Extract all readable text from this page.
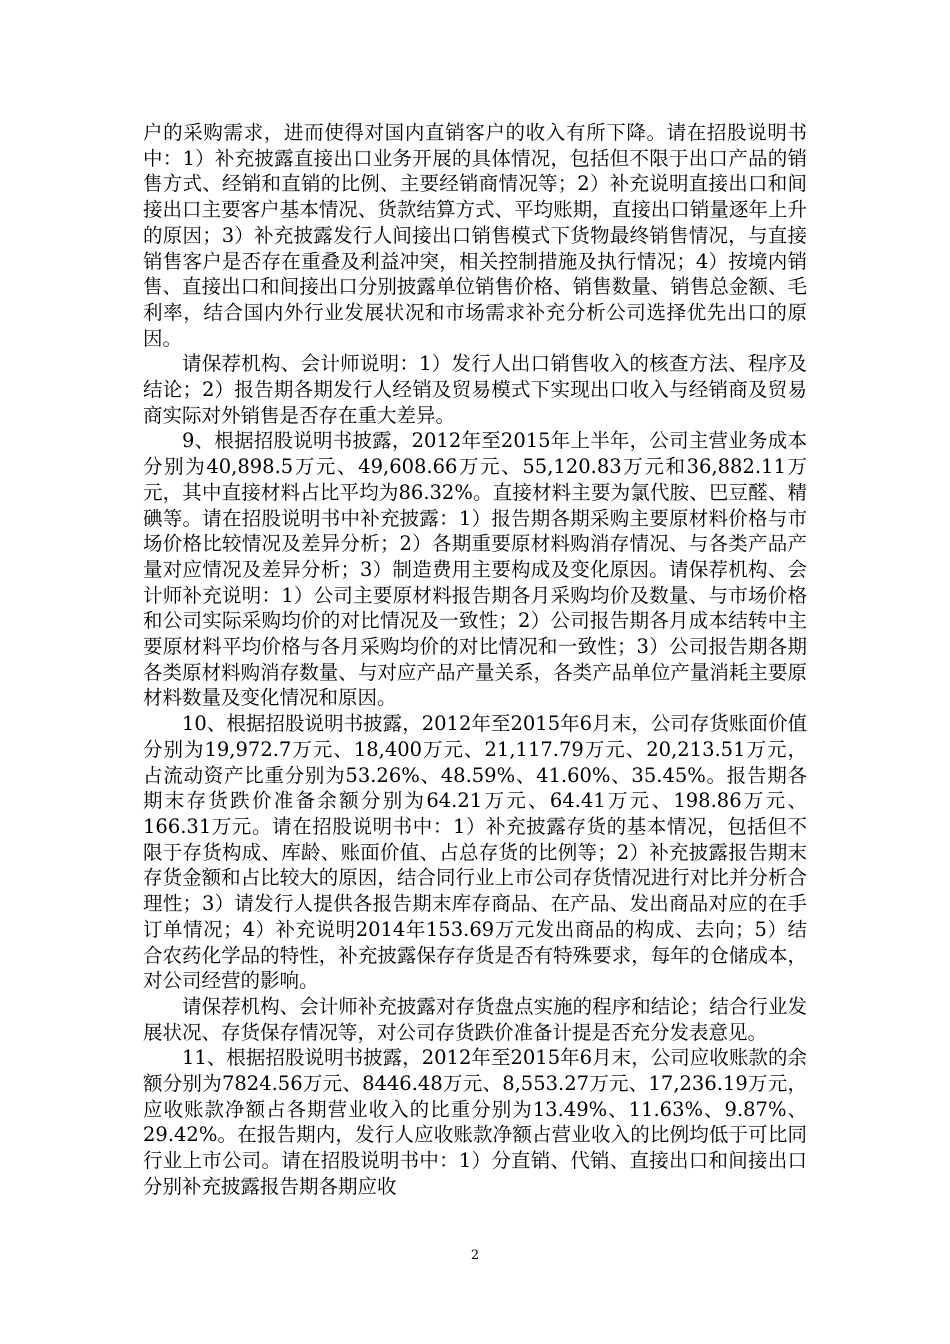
户的采购需求，进而使得对国内直销客户的收入有所下降。请在招股说明书中：1）补充披露直接出口业务开展的具体情况，包括但不限于出口产品的销售方式、经销和直销的比例、主要经销商情况等；2）补充说明直接出口和间接出口主要客户基本情况、货款结算方式、平均账期，直接出口销量逐年上升的原因；3）补充披露发行人间接出口销售模式下货物最终销售情况，与直接销售客户是否存在重叠及利益冲突，相关控制措施及执行情况；4）按境内销售、直接出口和间接出口分别披露单位销售价格、销售数量、销售总金额、毛利率，结合国内外行业发展状况和市场需求补充分析公司选择优先出口的原因。

请保荐机构、会计师说明：1）发行人出口销售收入的核查方法、程序及结论；2）报告期各期发行人经销及贸易模式下实现出口收入与经销商及贸易商实际对外销售是否存在重大差异。

9、根据招股说明书披露，2012年至2015年上半年，公司主营业务成本分别为40,898.5万元、49,608.66万元、55,120.83万元和36,882.11万元，其中直接材料占比平均为86.32%。直接材料主要为氯代胺、巴豆醛、精碘等。请在招股说明书中补充披露：1）报告期各期采购主要原材料价格与市场价格比较情况及差异分析；2）各期重要原材料购消存情况、与各类产品产量对应情况及差异分析；3）制造费用主要构成及变化原因。请保荐机构、会计师补充说明：1）公司主要原材料报告期各月采购均价及数量、与市场价格和公司实际采购均价的对比情况及一致性；2）公司报告期各月成本结转中主要原材料平均价格与各月采购均价的对比情况和一致性；3）公司报告期各期各类原材料购消存数量、与对应产品产量关系，各类产品单位产量消耗主要原材料数量及变化情况和原因。

10、根据招股说明书披露，2012年至2015年6月末，公司存货账面价值分别为19,972.7万元、18,400万元、21,117.79万元、20,213.51万元，占流动资产比重分别为53.26%、48.59%、41.60%、35.45%。报告期各期末存货跌价准备余额分别为64.21万元、64.41万元、198.86万元、166.31万元。请在招股说明书中：1）补充披露存货的基本情况，包括但不限于存货构成、库龄、账面价值、占总存货的比例等；2）补充披露报告期末存货金额和占比较大的原因，结合同行业上市公司存货情况进行对比并分析合理性；3）请发行人提供各报告期末库存商品、在产品、发出商品对应的在手订单情况；4）补充说明2014年153.69万元发出商品的构成、去向；5）结合农药化学品的特性，补充披露保存存货是否有特殊要求，每年的仓储成本，对公司经营的影响。

请保荐机构、会计师补充披露对存货盘点实施的程序和结论；结合行业发展状况、存货保存情况等，对公司存货跌价准备计提是否充分发表意见。

11、根据招股说明书披露，2012年至2015年6月末，公司应收账款的余额分别为7824.56万元、8446.48万元、8,553.27万元、17,236.19万元，应收账款净额占各期营业收入的比重分别为13.49%、11.63%、9.87%、29.42%。在报告期内，发行人应收账款净额占营业收入的比例均低于可比同行业上市公司。请在招股说明书中：1）分直销、代销、直接出口和间接出口分别补充披露报告期各期应收

2
